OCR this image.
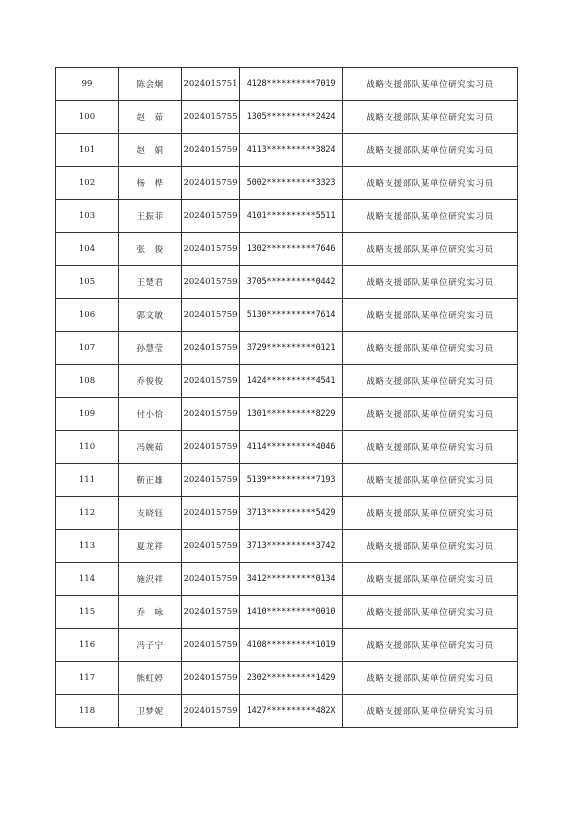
99	陈会炯	2024015751	4128**********7019	战略支援部队某单位研究实习员
100	赵　茹	2024015755	1305**********2424	战略支援部队某单位研究实习员
101	赵　娟	2024015759	4113**********3824	战略支援部队某单位研究实习员
102	杨　桦	2024015759	5002**********3323	战略支援部队某单位研究实习员
103	王振菲	2024015759	4101**********5511	战略支援部队某单位研究实习员
104	张　俊	2024015759	1302**********7646	战略支援部队某单位研究实习员
105	王楚君	2024015759	3705**********0442	战略支援部队某单位研究实习员
106	郭文敏	2024015759	5130**********7614	战略支援部队某单位研究实习员
107	孙慧莹	2024015759	3729**********0121	战略支援部队某单位研究实习员
108	乔俊俊	2024015759	1424**********4541	战略支援部队某单位研究实习员
109	付小恰	2024015759	1301**********8229	战略支援部队某单位研究实习员
110	冯婉茹	2024015759	4114**********4046	战略支援部队某单位研究实习员
111	靳正雄	2024015759	5139**********7193	战略支援部队某单位研究实习员
112	支晓钰	2024015759	3713**********5429	战略支援部队某单位研究实习员
113	夏龙祥	2024015759	3713**********3742	战略支援部队某单位研究实习员
114	施沢祥	2024015759	3412**********0134	战略支援部队某单位研究实习员
115	乔　咏	2024015759	1410**********0010	战略支援部队某单位研究实习员
116	冯子宁	2024015759	4108**********1019	战略支援部队某单位研究实习员
117	熊虹婷	2024015759	2302**********1429	战略支援部队某单位研究实习员
118	卫梦妮	2024015759	1427**********482X	战略支援部队某单位研究实习员
